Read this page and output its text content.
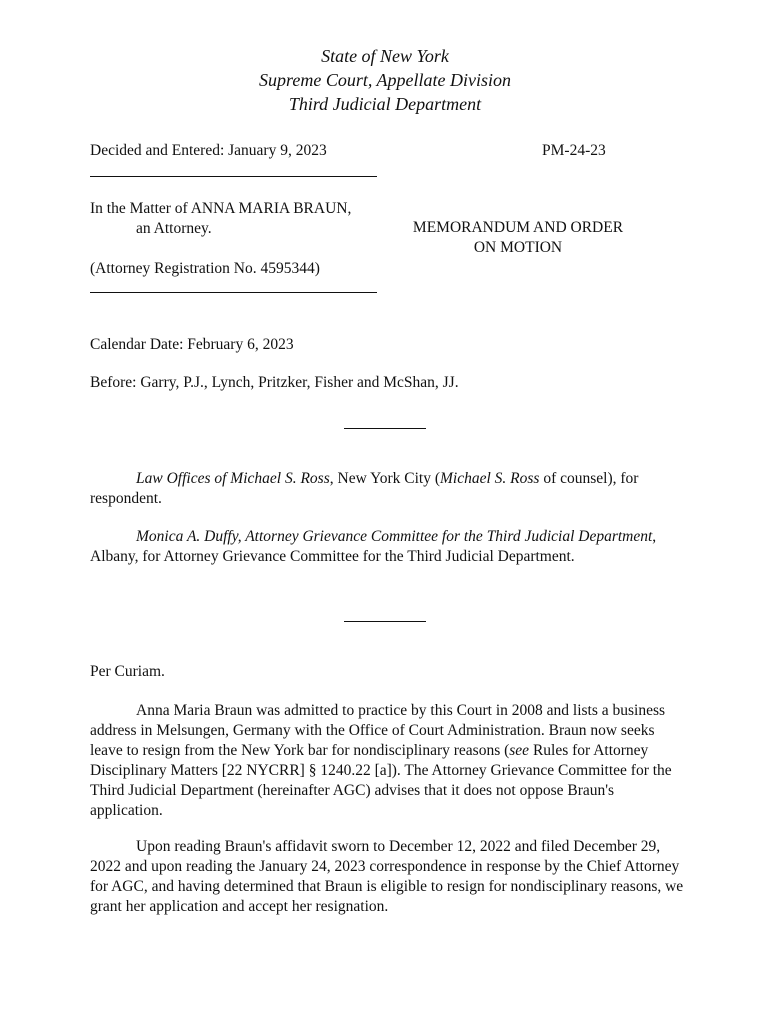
State of New York
Supreme Court, Appellate Division
Third Judicial Department
Decided and Entered: January 9, 2023	PM-24-23
In the Matter of ANNA MARIA BRAUN,
an Attorney.	MEMORANDUM AND ORDER
ON MOTION
(Attorney Registration No. 4595344)
Calendar Date: February 6, 2023
Before: Garry, P.J., Lynch, Pritzker, Fisher and McShan, JJ.
Law Offices of Michael S. Ross, New York City (Michael S. Ross of counsel), for respondent.
Monica A. Duffy, Attorney Grievance Committee for the Third Judicial Department, Albany, for Attorney Grievance Committee for the Third Judicial Department.
Per Curiam.
Anna Maria Braun was admitted to practice by this Court in 2008 and lists a business address in Melsungen, Germany with the Office of Court Administration. Braun now seeks leave to resign from the New York bar for nondisciplinary reasons (see Rules for Attorney Disciplinary Matters [22 NYCRR] § 1240.22 [a]). The Attorney Grievance Committee for the Third Judicial Department (hereinafter AGC) advises that it does not oppose Braun's application.
Upon reading Braun's affidavit sworn to December 12, 2022 and filed December 29, 2022 and upon reading the January 24, 2023 correspondence in response by the Chief Attorney for AGC, and having determined that Braun is eligible to resign for nondisciplinary reasons, we grant her application and accept her resignation.
